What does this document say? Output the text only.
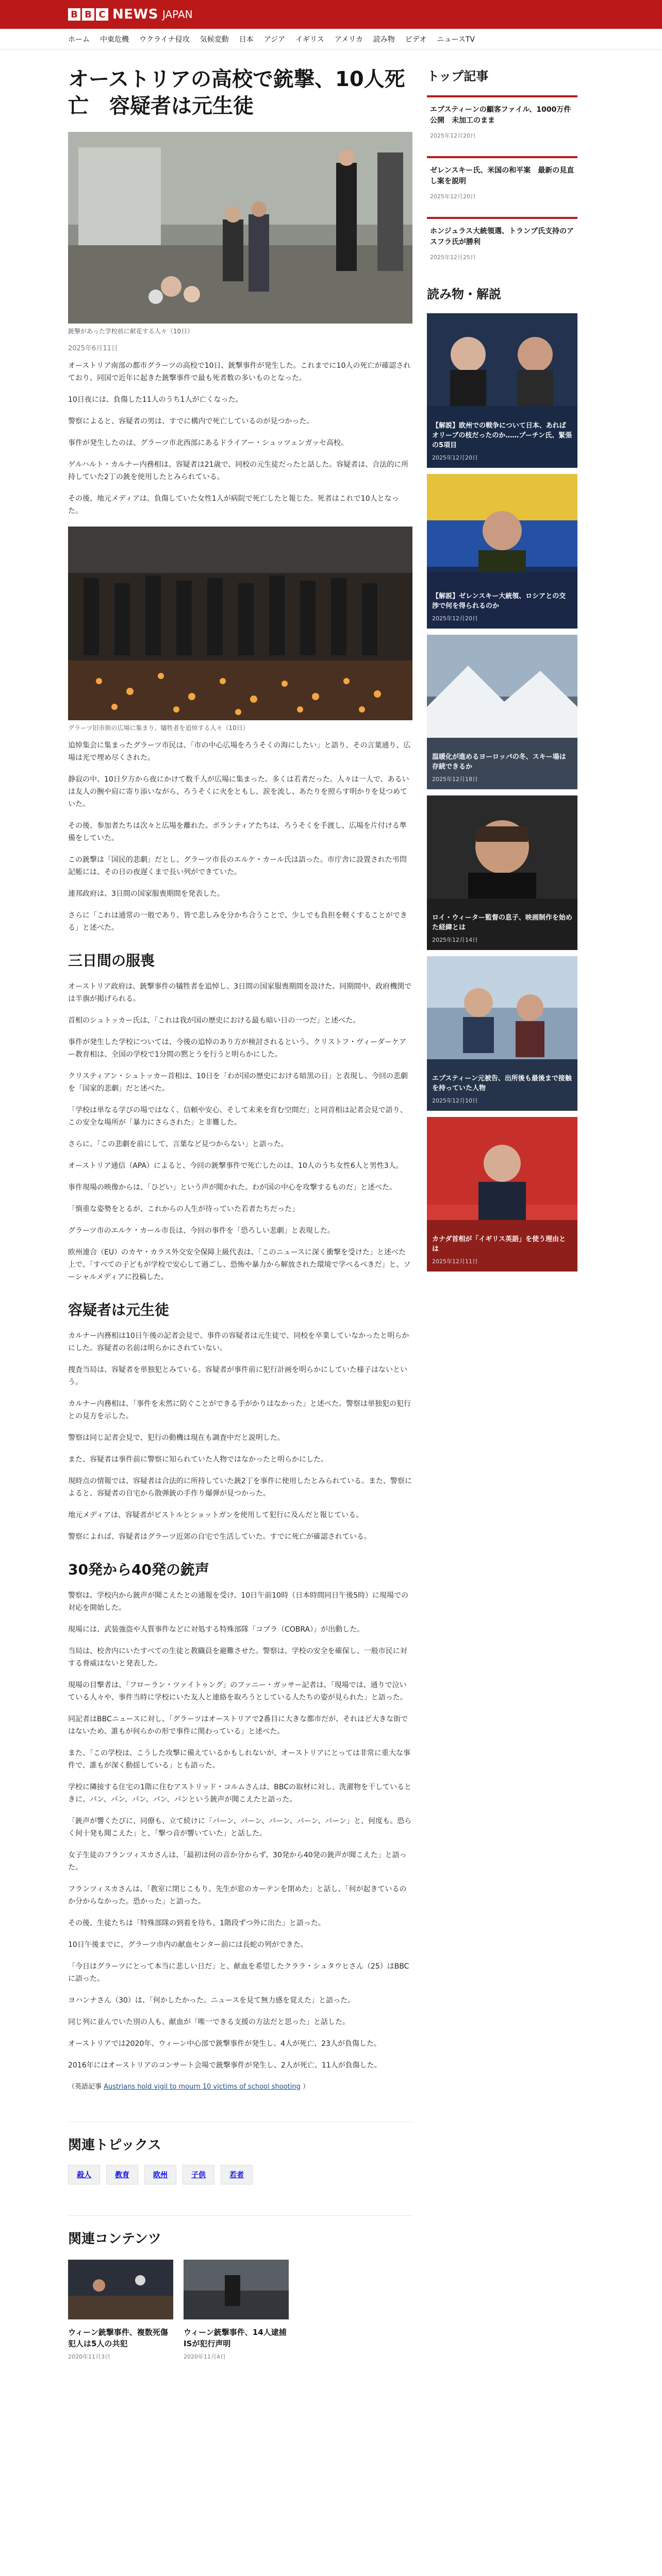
B B C NEWS JAPAN
ホーム 中東危機 ウクライナ侵攻 気候変動 日本 アジア イギリス アメリカ 読み物 ビデオ ニュースTV
オーストリアの高校で銃撃、10人死亡　容疑者は元生徒
銃撃があった学校前に献花する人々（10日）
2025年6月11日

オーストリア南部の都市グラーツの高校で10日、銃撃事件が発生した。これまでに10人の死亡が確認されており、同国で近年に起きた銃撃事件で最も死者数の多いものとなった。

10日夜には、負傷した11人のうち1人が亡くなった。

警察によると、容疑者の男は、すでに構内で死亡しているのが見つかった。

事件が発生したのは、グラーツ市北西部にあるドライアー・シュッツェンガッセ高校。

ゲルハルト・カルナー内務相は、容疑者は21歳で、同校の元生徒だったと話した。容疑者は、合法的に所持していた2丁の銃を使用したとみられている。

その後、地元メディアは、負傷していた女性1人が病院で死亡したと報じた。死者はこれで10人となった。

グラーツ旧市街の広場に集まり、犠牲者を追悼する人々（10日）

追悼集会に集まったグラーツ市民は、「市の中心広場をろうそくの海にしたい」と語り、その言葉通り、広場は光で埋め尽くされた。

静寂の中、10日夕方から夜にかけて数千人が広場に集まった。多くは若者だった。人々は一人で、あるいは友人の腕や肩に寄り添いながら、ろうそくに火をともし、涙を流し、あたりを照らす明かりを見つめていた。

その後、参加者たちは次々と広場を離れた。ボランティアたちは、ろうそくを手渡し、広場を片付ける準備をしていた。

この銃撃は「国民的悲劇」だとし、グラーツ市長のエルケ・カール氏は語った。市庁舎に設置された弔問記帳には、その日の夜遅くまで長い列ができていた。

連邦政府は、3日間の国家服喪期間を発表した。

さらに「これは通常の一般であり、皆で悲しみを分かち合うことで、少しでも負担を軽くすることができる」と述べた。

三日間の服喪

オーストリア政府は、銃撃事件の犠牲者を追悼し、3日間の国家服喪期間を設けた。同期間中、政府機関では半旗が掲げられる。

首相のシュトッカー氏は、「これは我が国の歴史における最も暗い日の一つだ」と述べた。

事件が発生した学校については、今後の追悼のあり方が検討されるという。クリストフ・ヴィーダーケアー教育相は、全国の学校で1分間の黙とうを行うと明らかにした。

クリスティアン・シュトッカー首相は、10日を「わが国の歴史における暗黒の日」と表現し、今回の悲劇を「国家的悲劇」だと述べた。

「学校は単なる学びの場ではなく、信頼や安心、そして未来を育む空間だ」と同首相は記者会見で語り、この安全な場所が「暴力にさらされた」と非難した。

さらに、「この悲劇を前にして、言葉など見つからない」と語った。

オーストリア通信（APA）によると、今回の銃撃事件で死亡したのは、10人のうち女性6人と男性3人。

事件現場の映像からは、「ひどい」という声が聞かれた。わが国の中心を攻撃するものだ」と述べた。

「慎重な姿勢をとるが、これからの人生が待っていた若者たちだった」

グラーツ市のエルケ・カール市長は、今回の事件を「恐ろしい悲劇」と表現した。

欧州連合（EU）のカヤ・カラス外交安全保障上級代表は、「このニュースに深く衝撃を受けた」と述べた上で、「すべての子どもが学校で安心して過ごし、恐怖や暴力から解放された環境で学べるべきだ」と、ソーシャルメディアに投稿した。

容疑者は元生徒

カルナー内務相は10日午後の記者会見で、事件の容疑者は元生徒で、同校を卒業していなかったと明らかにした。容疑者の名前は明らかにされていない。

捜査当局は、容疑者を単独犯とみている。容疑者が事件前に犯行計画を明らかにしていた様子はないという。

カルナー内務相は、「事件を未然に防ぐことができる手がかりはなかった」と述べた。警察は単独犯の犯行との見方を示した。

警察は同じ記者会見で、犯行の動機は現在も調査中だと説明した。

また、容疑者は事件前に警察に知られていた人物ではなかったと明らかにした。

現時点の情報では、容疑者は合法的に所持していた銃2丁を事件に使用したとみられている。また、警察によると、容疑者の自宅から散弾銃の手作り爆弾が見つかった。

地元メディアは、容疑者がピストルとショットガンを使用して犯行に及んだと報じている。

警察によれば、容疑者はグラーツ近郊の自宅で生活していた。すでに死亡が確認されている。

30発から40発の銃声

警察は、学校内から銃声が聞こえたとの通報を受け、10日午前10時（日本時間同日午後5時）に現場での対応を開始した。

現場には、武装強盗や人質事件などに対処する特殊部隊「コブラ（COBRA）」が出動した。

当局は、校舎内にいたすべての生徒と教職員を避難させた。警察は、学校の安全を確保し、一般市民に対する脅威はないと発表した。

現場の目撃者は、「フローラン・ツァイトゥング」のファニー・ガッサー記者は、「現場では、通りで泣いている人々や、事件当時に学校にいた友人と連絡を取ろうとしている人たちの姿が見られた」と語った。

同記者はBBCニュースに対し、「グラーツはオーストリアで2番目に大きな都市だが、それほど大きな街ではないため、誰もが何らかの形で事件に関わっている」と述べた。

また、「この学校は、こうした攻撃に備えているかもしれないが、オーストリアにとっては非常に重大な事件で、誰もが深く動揺している」とも語った。

学校に隣接する住宅の1階に住むアストリッド・コルムさんは、BBCの取材に対し、洗濯物を干しているときに、パン、パン、パン、パン、パンという銃声が聞こえたと語った。

「銃声が響くたびに、同僚も、立て続けに「パーン、パーン、パーン、パーン、パーン」と、何度も。恐らく何十発も聞こえた」と、「撃つ音が響いていた」と話した。

女子生徒のフランツィスカさんは、「最初は何の音か分からず、30発から40発の銃声が聞こえた」と語った。

フランツィスカさんは、「教室に閉じこもり、先生が窓のカーテンを閉めた」と話し、「何が起きているのか分からなかった。恐かった」と語った。

その後、生徒たちは「特殊部隊の到着を待ち、1階段ずつ外に出た」と語った。

10日午後までに、グラーツ市内の献血センター前には長蛇の列ができた。

「今日はグラーツにとって本当に悲しい日だ」と、献血を希望したクララ・シュタウヒさん（25）はBBCに語った。

ヨハンナさん（30）は、「何かしたかった。ニュースを見て無力感を覚えた」と語った。

同じ列に並んでいた別の人も、献血が「唯一できる支援の方法だと思った」と話した。

オーストリアでは2020年、ウィーン中心部で銃撃事件が発生し、4人が死亡、23人が負傷した。

2016年にはオーストリアのコンサート会場で銃撃事件が発生し、2人が死亡、11人が負傷した。

（英語記事 Austrians hold vigil to mourn 10 victims of school shooting ）

関連トピックス
殺人	教育	欧州	子供	若者
関連コンテンツ
ウィーン銃撃事件、複数死傷　犯人は5人の共犯
2020年11月3日
ウィーン銃撃事件、14人逮捕　ISが犯行声明
2020年11月4日
トップ記事
エプスティーンの顧客ファイル、1000万件公開　未加工のまま
2025年12月20日
ゼレンスキー氏、米国の和平案　最新の見直し案を説明
2025年12月20日
ホンジュラス大統領選、トランプ氏支持のアスフラ氏が勝利
2025年12月25日
読み物・解説
【解説】欧州での戦争について日本、あればオリーブの枝だったのか……プーチン氏、緊張の5項目
2025年12月20日
【解説】ゼレンスキー大統領、ロシアとの交渉で何を得られるのか
2025年12月20日
温暖化が進めるヨーロッパの冬、スキー場は存続できるか
2025年12月18日
ロイ・ウィーター監督の息子、映画制作を始めた経緯とは
2025年12月14日
エプスティーン元被告、出所後も最後まで接触を持っていた人物
2025年12月10日
カナダ首相が「イギリス英語」を使う理由とは
2025年12月11日
